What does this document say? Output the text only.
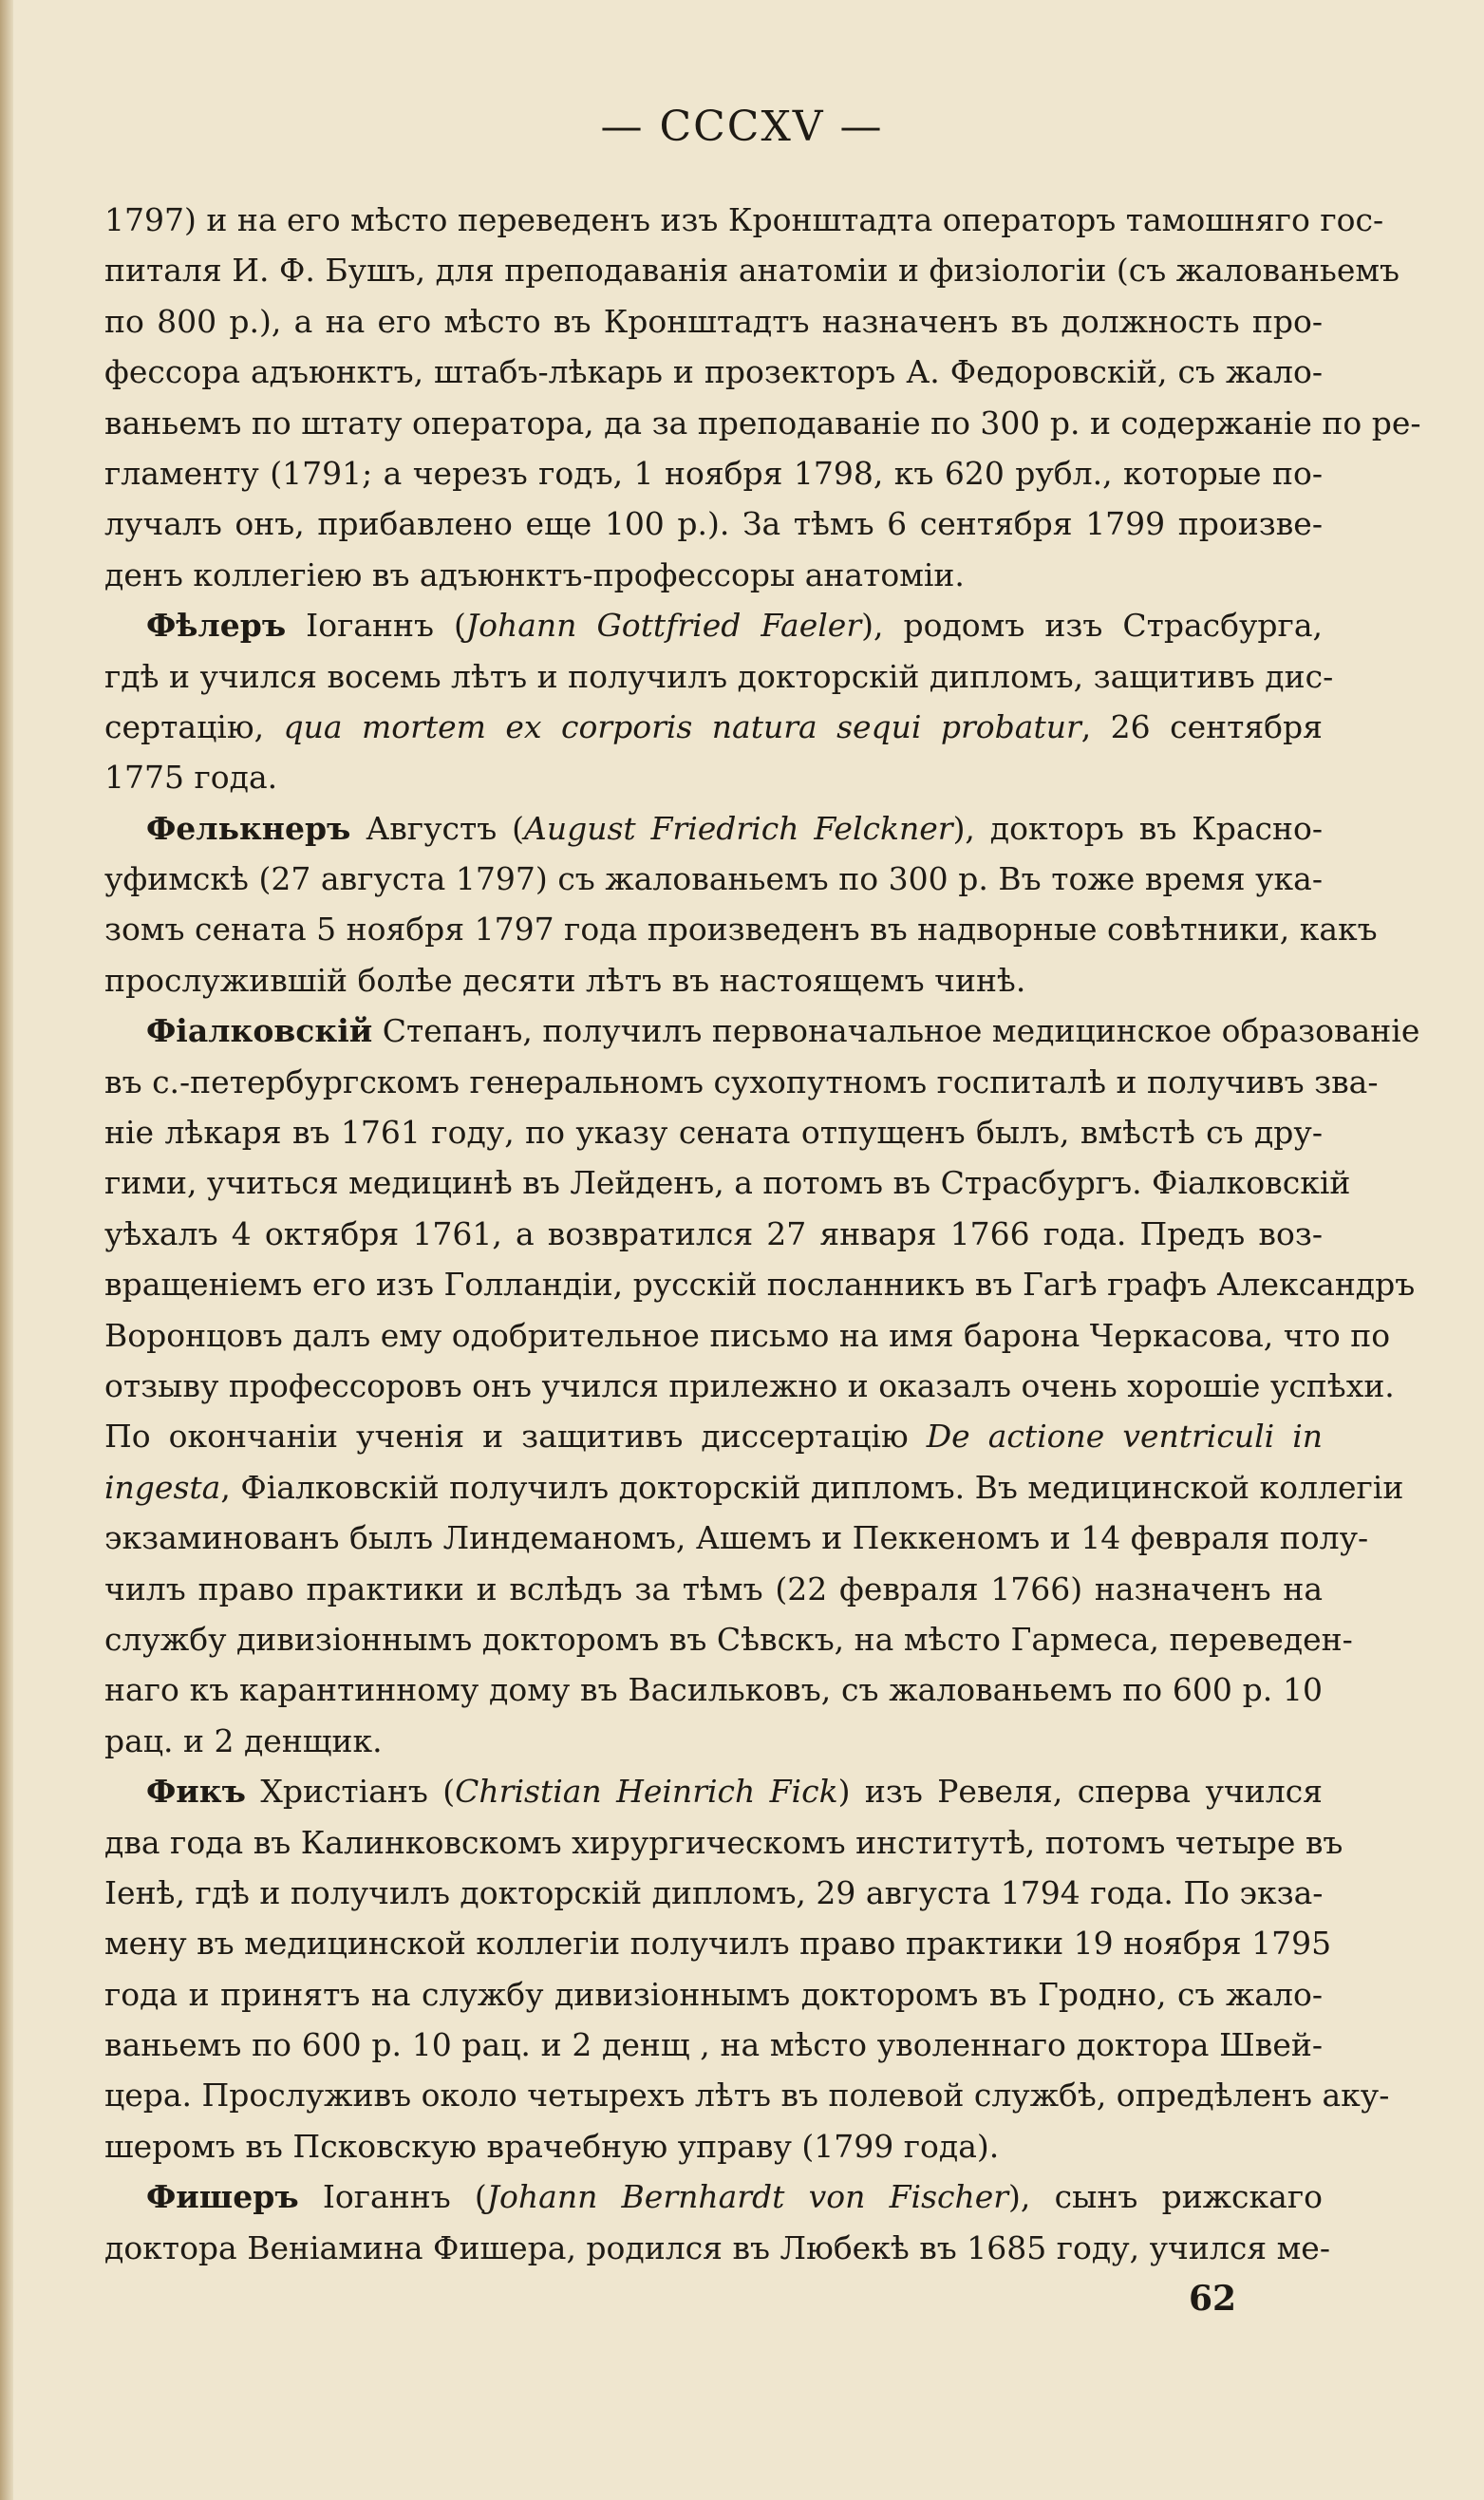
— CCCXV —
1797) и на его мѣсто переведенъ изъ Кронштадта операторъ тамошняго гос-
питаля И. Ф. Бушъ, для преподаванія анатоміи и физіологіи (съ жалованьемъ
по 800 р.), а на его мѣсто въ Кронштадтъ назначенъ въ должность про-
фессора адъюнктъ, штабъ-лѣкарь и прозекторъ А. Федоровскій, съ жало-
ваньемъ по штату оператора, да за преподаваніе по 300 р. и содержаніе по ре-
гламенту (1791; а черезъ годъ, 1 ноября 1798, къ 620 рубл., которые по-
лучалъ онъ, прибавлено еще 100 р.). За тѣмъ 6 сентября 1799 произве-
денъ коллегіею въ адъюнктъ-профессоры анатоміи.
Фѣлеръ Іоганнъ (Johann Gottfried Faeler), родомъ изъ Страсбурга,
гдѣ и учился восемь лѣтъ и получилъ докторскій дипломъ, защитивъ дис-
сертацію, qua mortem ex corporis natura sequi probatur, 26 сентября
1775 года.
Фелькнеръ Августъ (August Friedrich Felckner), докторъ въ Красно-
уфимскѣ (27 августа 1797) съ жалованьемъ по 300 р. Въ тоже время ука-
зомъ сената 5 ноября 1797 года произведенъ въ надворные совѣтники, какъ
прослужившій болѣе десяти лѣтъ въ настоящемъ чинѣ.
Фіалковскій Степанъ, получилъ первоначальное медицинское образованіе
въ с.-петербургскомъ генеральномъ сухопутномъ госпиталѣ и получивъ зва-
ніе лѣкаря въ 1761 году, по указу сената отпущенъ былъ, вмѣстѣ съ дру-
гими, учиться медицинѣ въ Лейденъ, а потомъ въ Страсбургъ. Фіалковскій
уѣхалъ 4 октября 1761, а возвратился 27 января 1766 года. Предъ воз-
вращеніемъ его изъ Голландіи, русскій посланникъ въ Гагѣ графъ Александръ
Воронцовъ далъ ему одобрительное письмо на имя барона Черкасова, что по
отзыву профессоровъ онъ учился прилежно и оказалъ очень хорошіе успѣхи.
По окончаніи ученія и защитивъ диссертацію De actione ventriculi in
ingesta, Фіалковскій получилъ докторскій дипломъ. Въ медицинской коллегіи
экзаминованъ былъ Линдеманомъ, Ашемъ и Пеккеномъ и 14 февраля полу-
чилъ право практики и вслѣдъ за тѣмъ (22 февраля 1766) назначенъ на
службу дивизіоннымъ докторомъ въ Сѣвскъ, на мѣсто Гармеса, переведен-
наго къ карантинному дому въ Васильковъ, съ жалованьемъ по 600 р. 10
рац. и 2 денщик.
Фикъ Христіанъ (Christian Heinrich Fick) изъ Ревеля, сперва учился
два года въ Калинковскомъ хирургическомъ институтѣ, потомъ четыре въ
Іенѣ, гдѣ и получилъ докторскій дипломъ, 29 августа 1794 года. По экза-
мену въ медицинской коллегіи получилъ право практики 19 ноября 1795
года и принятъ на службу дивизіоннымъ докторомъ въ Гродно, съ жало-
ваньемъ по 600 р. 10 рац. и 2 денщ , на мѣсто уволеннаго доктора Швей-
цера. Прослуживъ около четырехъ лѣтъ въ полевой службѣ, опредѣленъ аку-
шеромъ въ Псковскую врачебную управу (1799 года).
Фишеръ Іоганнъ (Johann Bernhardt von Fischer), сынъ рижскаго
доктора Веніамина Фишера, родился въ Любекѣ въ 1685 году, учился ме-
62
